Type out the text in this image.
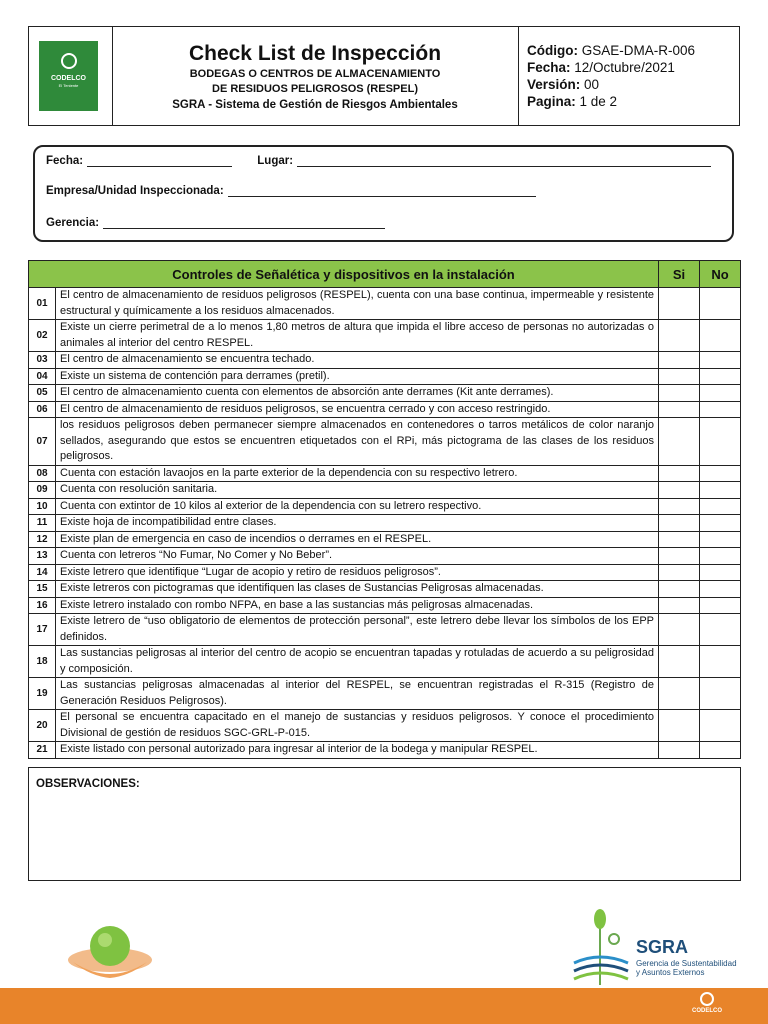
CODELCO
El Teniente
Check List de Inspección
BODEGAS O CENTROS DE ALMACENAMIENTO
DE RESIDUOS PELIGROSOS (RESPEL)
SGRA - Sistema de Gestión de Riesgos Ambientales
Código: GSAE-DMA-R-006
Fecha: 12/Octubre/2021
Versión: 00
Pagina: 1 de 2
Fecha:	Lugar:
Empresa/Unidad Inspeccionada:
Gerencia:
Controles de Señalética y dispositivos en la instalación		Si	No
01	El centro de almacenamiento de residuos peligrosos (RESPEL), cuenta con una base continua, impermeable y resistente estructural y químicamente a los residuos almacenados.		
02	Existe un cierre perimetral de a lo menos 1,80 metros de altura que impida el libre acceso de personas no autorizadas o animales al interior del centro RESPEL.		
03	El centro de almacenamiento se encuentra techado.		
04	Existe un sistema de contención para derrames (pretil).		
05	El centro de almacenamiento cuenta con elementos de absorción ante derrames (Kit ante derrames).		
06	El centro de almacenamiento de residuos peligrosos, se encuentra cerrado y con acceso restringido.		
07	los residuos peligrosos deben permanecer siempre almacenados en contenedores o tarros metálicos de color naranjo sellados, asegurando que estos se encuentren etiquetados con el RPi, más pictograma de las clases de los residuos peligrosos.		
08	Cuenta con estación lavaojos en la parte exterior de la dependencia con su respectivo letrero.		
09	Cuenta con resolución sanitaria.		
10	Cuenta con extintor de 10 kilos al exterior de la dependencia con su letrero respectivo.		
11	Existe hoja de incompatibilidad entre clases.		
12	Existe plan de emergencia en caso de incendios o derrames en el RESPEL.		
13	Cuenta con letreros “No Fumar, No Comer y No Beber”.		
14	Existe letrero que identifique “Lugar de acopio y retiro de residuos peligrosos”.		
15	Existe letreros con pictogramas que identifiquen las clases de Sustancias Peligrosas almacenadas.		
16	Existe letrero instalado con rombo NFPA, en base a las sustancias más peligrosas almacenadas.		
17	Existe letrero de “uso obligatorio de elementos de protección personal”, este letrero debe llevar los símbolos de los EPP definidos.		
18	Las sustancias peligrosas al interior del centro de acopio se encuentran tapadas y rotuladas de acuerdo a su peligrosidad y composición.		
19	Las sustancias peligrosas almacenadas al interior del RESPEL, se encuentran registradas el R-315 (Registro de Generación Residuos Peligrosos).		
20	El personal se encuentra capacitado en el manejo de sustancias y residuos peligrosos. Y conoce el procedimiento Divisional de gestión de residuos SGC-GRL-P-015.		
21	Existe listado con personal autorizado para ingresar al interior de la bodega y manipular RESPEL.		
OBSERVACIONES:
SGRA
Gerencia de Sustentabilidad
y Asuntos Externos
CODELCO
